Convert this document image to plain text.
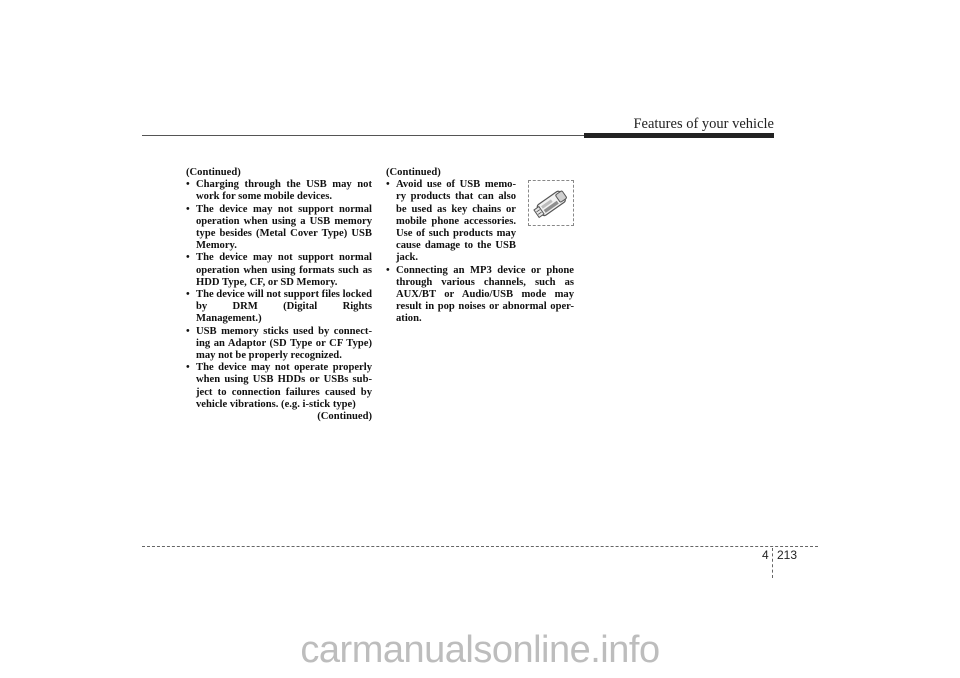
Features of your vehicle
(Continued)
• Charging through the USB may not work for some mobile devices.
• The device may not support normal operation when using a USB memory type besides (Metal Cover Type) USB Memory.
• The device may not support normal operation when using formats such as HDD Type, CF, or SD Memory.
• The device will not support files locked by DRM (Digital Rights Management.)
• USB memory sticks used by connect-ing an Adaptor (SD Type or CF Type) may not be properly recognized.
• The device may not operate properly when using USB HDDs or USBs sub-ject to connection failures caused by vehicle vibrations. (e.g. i-stick type)
(Continued)
(Continued)
• Avoid use of USB memo-ry products that can also be used as key chains or mobile phone accessories. Use of such products may cause damage to the USB jack.
• Connecting an MP3 device or phone through various channels, such as AUX/BT or Audio/USB mode may result in pop noises or abnormal oper-ation.
4 213
carmanualsonline.info
